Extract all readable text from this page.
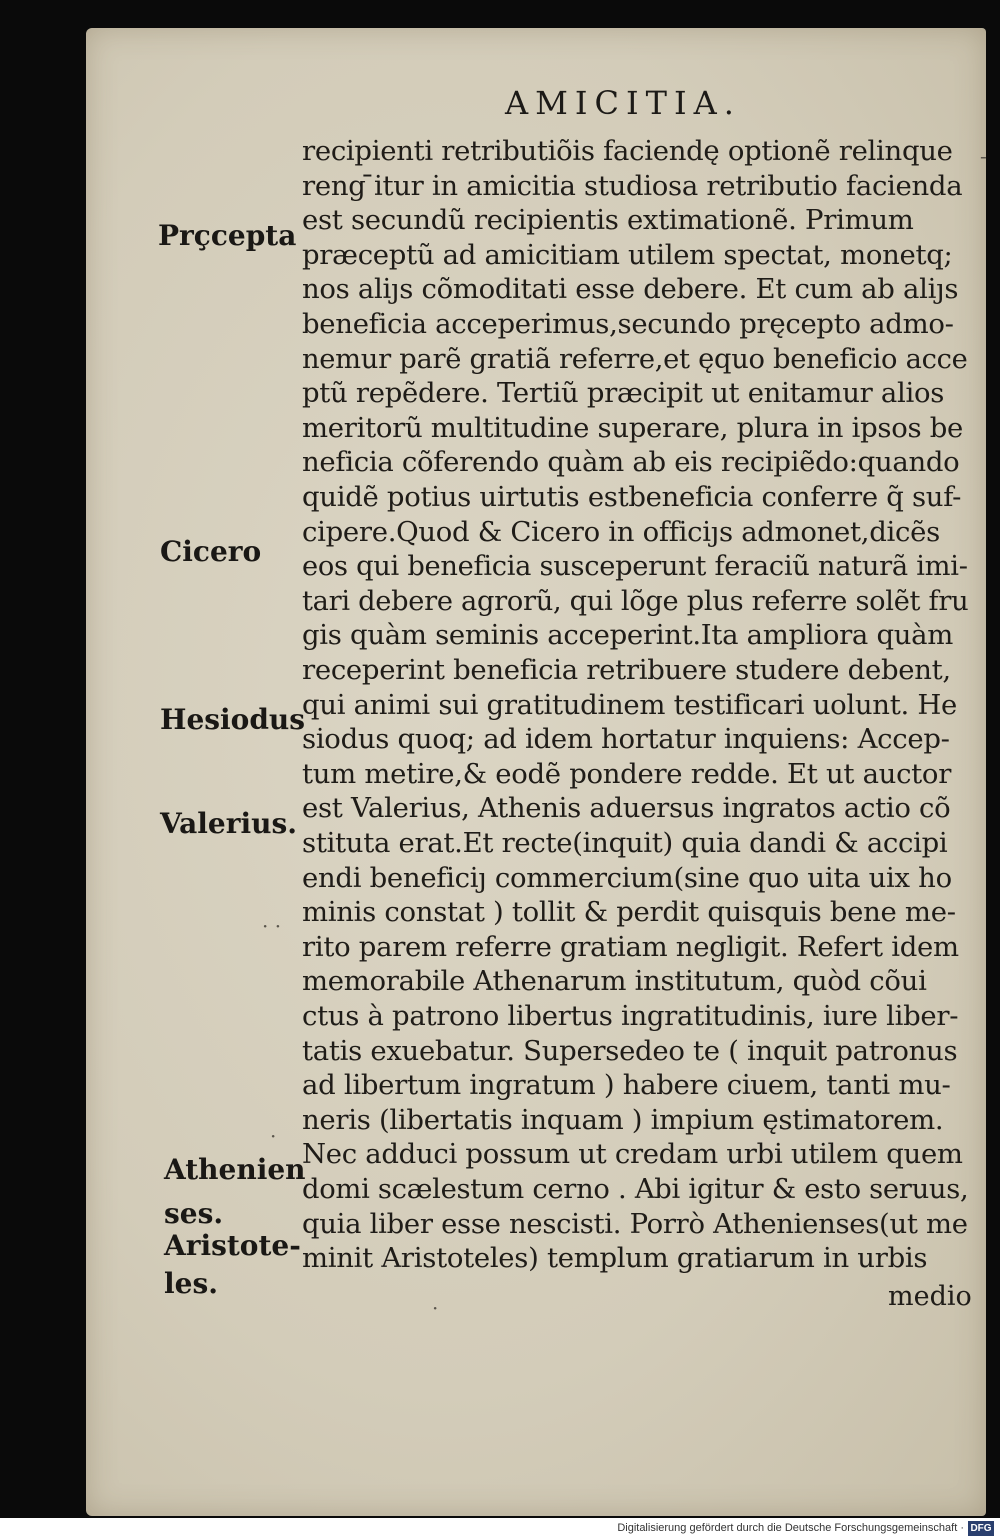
AMICITIA.
Prçcepta
Cicero
Hesiodus
Valerius.
Athenien
ses.
Aristote-
les.
recipienti retributiõis faciendę optionẽ relinque
reng ̄itur in amicitia studiosa retributio facienda
est secundũ recipientis extimationẽ. Primum
præceptũ ad amicitiam utilem spectat, monetq;
nos aliȷs cõmoditati esse debere. Et cum ab aliȷs
beneficia acceperimus,secundo pręcepto admo-
nemur parẽ gratiã referre,et ęquo beneficio acce
ptũ repẽdere. Tertiũ præcipit ut enitamur alios
meritorũ multitudine superare, plura in ipsos be
neficia cõferendo quàm ab eis recipiẽdo:quando
quidẽ potius uirtutis estbeneficia conferre q̃ suf-
cipere.Quod & Cicero in officiȷs admonet,dicẽs
eos qui beneficia susceperunt feraciũ naturã imi-
tari debere agrorũ, qui lõge plus referre solẽt fru
gis quàm seminis acceperint.Ita ampliora quàm
receperint beneficia retribuere studere debent,
qui animi sui gratitudinem testificari uolunt. He
siodus quoq; ad idem hortatur inquiens: Accep-
tum metire,& eodẽ pondere redde. Et ut auctor
est Valerius, Athenis aduersus ingratos actio cõ
stituta erat.Et recte(inquit) quia dandi & accipi
endi beneficiȷ commercium(sine quo uita uix ho
minis constat ) tollit & perdit quisquis bene me-
rito parem referre gratiam negligit. Refert idem
memorabile Athenarum institutum, quòd cõui
ctus à patrono libertus ingratitudinis, iure liber-
tatis exuebatur. Supersedeo te ( inquit patronus
ad libertum ingratum ) habere ciuem, tanti mu-
neris (libertatis inquam ) impium ęstimatorem.
Nec adduci possum ut credam urbi utilem quem
domi scælestum cerno . Abi igitur & esto seruus,
quia liber esse nescisti. Porrò Athenienses(ut me
minit Aristoteles) templum gratiarum in urbis
medio
· ·
·
·
-
Digitalisierung gefördert durch die Deutsche Forschungsgemeinschaft · DFG
